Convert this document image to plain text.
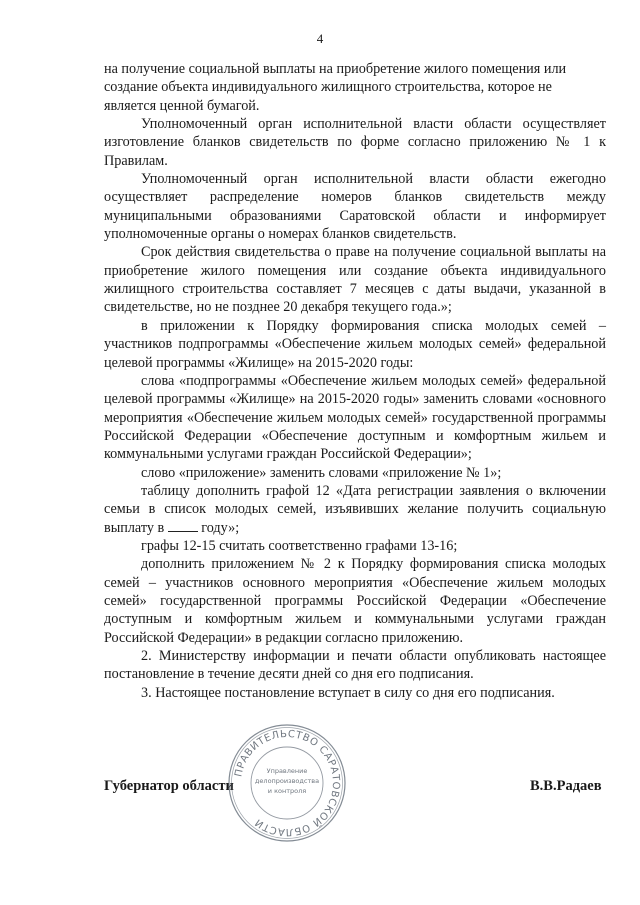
4

на получение социальной выплаты на приобретение жилого помещения или создание объекта индивидуального жилищного строительства, которое не является ценной бумагой.

Уполномоченный орган исполнительной власти области осуществляет изготовление бланков свидетельств по форме согласно приложению № 1 к Правилам.

Уполномоченный орган исполнительной власти области ежегодно осуществляет распределение номеров бланков свидетельств между муниципальными образованиями Саратовской области и информирует уполномоченные органы о номерах бланков свидетельств.

Срок действия свидетельства о праве на получение социальной выплаты на приобретение жилого помещения или создание объекта индивидуального жилищного строительства составляет 7 месяцев с даты выдачи, указанной в свидетельстве, но не позднее 20 декабря текущего года.»;

в приложении к Порядку формирования списка молодых семей – участников подпрограммы «Обеспечение жильем молодых семей» федеральной целевой программы «Жилище» на 2015-2020 годы:

слова «подпрограммы «Обеспечение жильем молодых семей» федеральной целевой программы «Жилище» на 2015-2020 годы» заменить словами «основного мероприятия «Обеспечение жильем молодых семей» государственной программы Российской Федерации «Обеспечение доступным и комфортным жильем и коммунальными услугами граждан Российской Федерации»;

слово «приложение» заменить словами «приложение № 1»;

таблицу дополнить графой 12 «Дата регистрации заявления о включении семьи в список молодых семей, изъявивших желание получить социальную выплату в	году»;

графы 12-15 считать соответственно графами 13-16;

дополнить приложением № 2 к Порядку формирования списка молодых семей – участников основного мероприятия «Обеспечение жильем молодых семей» государственной программы Российской Федерации «Обеспечение доступным и комфортным жильем и коммунальными услугами граждан Российской Федерации» в редакции согласно приложению.

2. Министерству информации и печати области опубликовать настоящее постановление в течение десяти дней со дня его подписания.

3. Настоящее постановление вступает в силу со дня его подписания.

Губернатор области	В.В.Радаев
ПРАВИТЕЛЬСТВО САРАТОВСКОЙ ОБЛАСТИ
Управление
делопроизводства
и контроля
